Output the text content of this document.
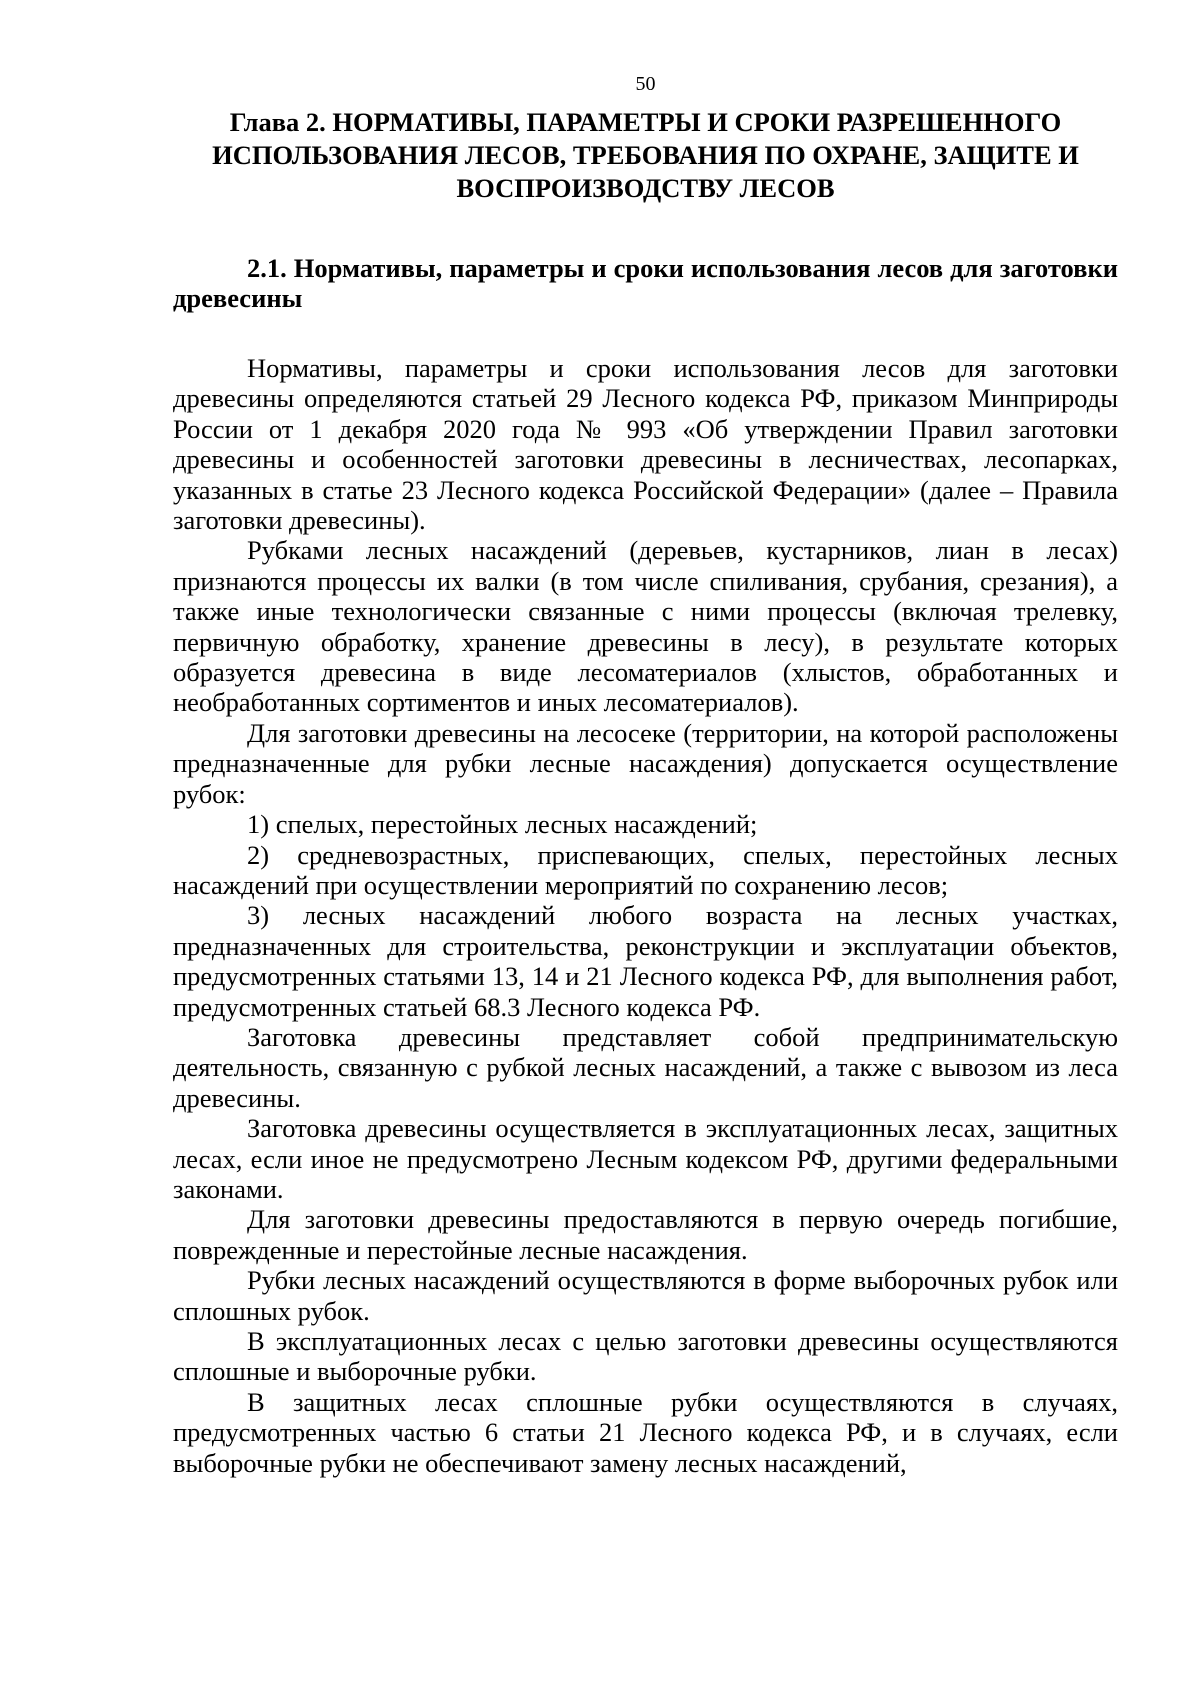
50
Глава 2. НОРМАТИВЫ, ПАРАМЕТРЫ И СРОКИ РАЗРЕШЕННОГО ИСПОЛЬЗОВАНИЯ ЛЕСОВ, ТРЕБОВАНИЯ ПО ОХРАНЕ, ЗАЩИТЕ И ВОСПРОИЗВОДСТВУ ЛЕСОВ
2.1. Нормативы, параметры и сроки использования лесов для заготовки древесины

Нормативы, параметры и сроки использования лесов для заготовки древесины определяются статьей 29 Лесного кодекса РФ, приказом Минприроды России от 1 декабря 2020 года № 993 «Об утверждении Правил заготовки древесины и особенностей заготовки древесины в лесничествах, лесопарках, указанных в статье 23 Лесного кодекса Российской Федерации» (далее – Правила заготовки древесины).

Рубками лесных насаждений (деревьев, кустарников, лиан в лесах) признаются процессы их валки (в том числе спиливания, срубания, срезания), а также иные технологически связанные с ними процессы (включая трелевку, первичную обработку, хранение древесины в лесу), в результате которых образуется древесина в виде лесоматериалов (хлыстов, обработанных и необработанных сортиментов и иных лесоматериалов).

Для заготовки древесины на лесосеке (территории, на которой расположены предназначенные для рубки лесные насаждения) допускается осуществление рубок:

1) спелых, перестойных лесных насаждений;

2) средневозрастных, приспевающих, спелых, перестойных лесных насаждений при осуществлении мероприятий по сохранению лесов;

3) лесных насаждений любого возраста на лесных участках, предназначенных для строительства, реконструкции и эксплуатации объектов, предусмотренных статьями 13, 14 и 21 Лесного кодекса РФ, для выполнения работ, предусмотренных статьей 68.3 Лесного кодекса РФ.

Заготовка древесины представляет собой предпринимательскую деятельность, связанную с рубкой лесных насаждений, а также с вывозом из леса древесины.

Заготовка древесины осуществляется в эксплуатационных лесах, защитных лесах, если иное не предусмотрено Лесным кодексом РФ, другими федеральными законами.

Для заготовки древесины предоставляются в первую очередь погибшие, поврежденные и перестойные лесные насаждения.

Рубки лесных насаждений осуществляются в форме выборочных рубок или сплошных рубок.

В эксплуатационных лесах с целью заготовки древесины осуществляются сплошные и выборочные рубки.

В защитных лесах сплошные рубки осуществляются в случаях, предусмотренных частью 6 статьи 21 Лесного кодекса РФ, и в случаях, если выборочные рубки не обеспечивают замену лесных насаждений,
